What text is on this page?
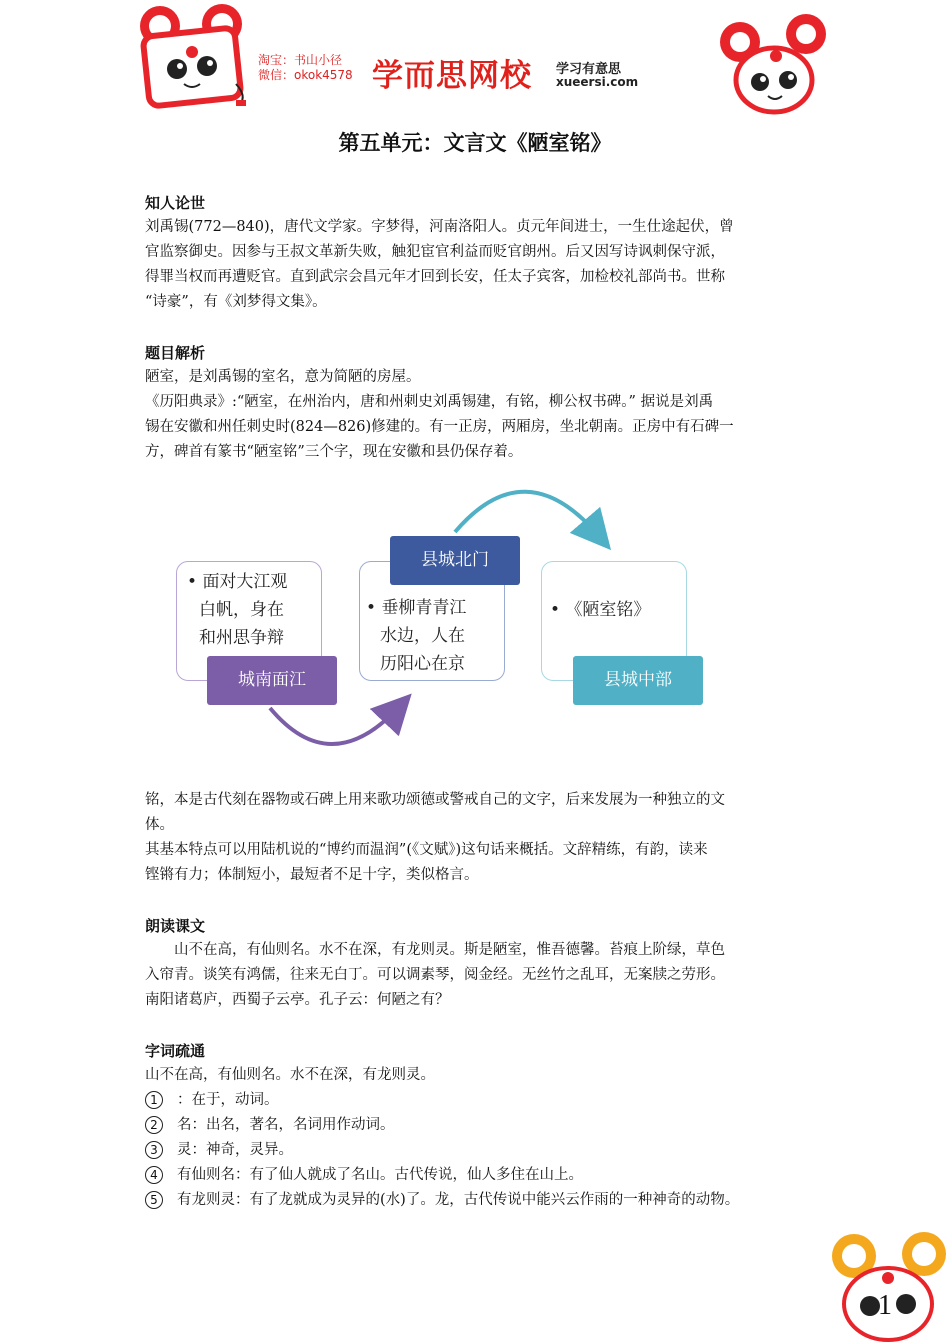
淘宝：书山小径
微信：okok4578 学而思网校 学习有意思
xueersi.com
第五单元：文言文《陋室铭》
知人论世
刘禹锡(772—840)，唐代文学家。字梦得，河南洛阳人。贞元年间进士，一生仕途起伏，曾
官监察御史。因参与王叔文革新失败，触犯宦官利益而贬官朗州。后又因写诗讽刺保守派，
得罪当权而再遭贬官。直到武宗会昌元年才回到长安，任太子宾客，加检校礼部尚书。世称
“诗豪”，有《刘梦得文集》。
题目解析
陋室，是刘禹锡的室名，意为简陋的房屋。
《历阳典录》:“陋室，在州治内，唐和州刺史刘禹锡建，有铭，柳公权书碑。” 据说是刘禹
锡在安徽和州任刺史时(824—826)修建的。有一正房，两厢房，坐北朝南。正房中有石碑一
方，碑首有篆书“陋室铭”三个字，现在安徽和县仍保存着。
• 面对大江观
白帆，身在
和州思争辩
城南面江
• 垂柳青青江
水边，人在
历阳心在京
县城北门
• 《陋室铭》
县城中部
铭，本是古代刻在器物或石碑上用来歌功颂德或警戒自己的文字，后来发展为一种独立的文
体。
其基本特点可以用陆机说的“博约而温润”(《文赋》)这句话来概括。文辞精练，有韵，读来
铿锵有力；体制短小，最短者不足十字，类似格言。
朗读课文
山不在高，有仙则名。水不在深，有龙则灵。斯是陋室，惟吾德馨。苔痕上阶绿，草色
入帘青。谈笑有鸿儒，往来无白丁。可以调素琴，阅金经。无丝竹之乱耳，无案牍之劳形。
南阳诸葛庐，西蜀子云亭。孔子云：何陋之有？
字词疏通
山不在高，有仙则名。水不在深，有龙则灵。
1 ：在于，动词。
2 名：出名，著名，名词用作动词。
3 灵：神奇，灵异。
4 有仙则名：有了仙人就成了名山。古代传说，仙人多住在山上。
5 有龙则灵：有了龙就成为灵异的(水)了。龙，古代传说中能兴云作雨的一种神奇的动物。
1
